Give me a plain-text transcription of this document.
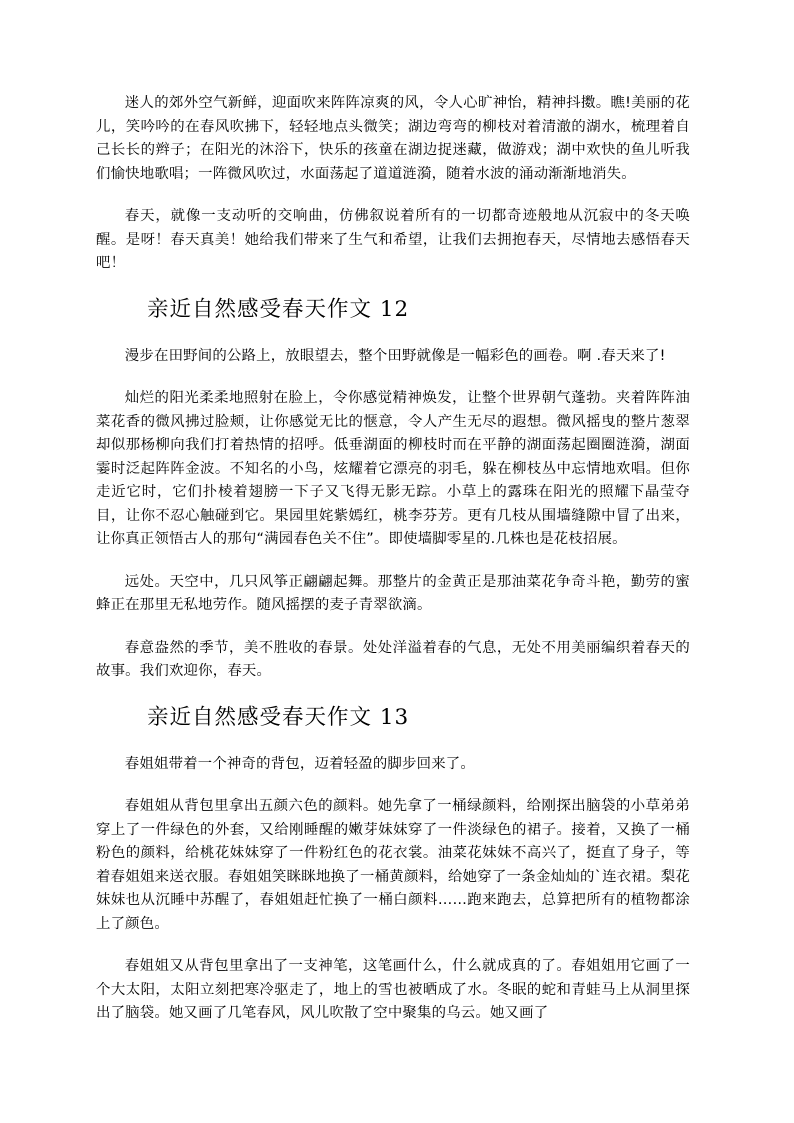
迷人的郊外空气新鲜，迎面吹来阵阵凉爽的风，令人心旷神怡，精神抖擞。瞧!美丽的花儿，笑吟吟的在春风吹拂下，轻轻地点头微笑；湖边弯弯的柳枝对着清澈的湖水，梳理着自己长长的辫子；在阳光的沐浴下，快乐的孩童在湖边捉迷藏，做游戏；湖中欢快的鱼儿听我们愉快地歌唱；一阵微风吹过，水面荡起了道道涟漪，随着水波的涌动渐渐地消失。

春天，就像一支动听的交响曲，仿佛叙说着所有的一切都奇迹般地从沉寂中的冬天唤醒。是呀！春天真美！她给我们带来了生气和希望，让我们去拥抱春天，尽情地去感悟春天吧！

亲近自然感受春天作文 12

漫步在田野间的公路上，放眼望去，整个田野就像是一幅彩色的画卷。啊 .春天来了!

灿烂的阳光柔柔地照射在脸上，令你感觉精神焕发，让整个世界朝气蓬勃。夹着阵阵油菜花香的微风拂过脸颊，让你感觉无比的惬意，令人产生无尽的遐想。微风摇曳的整片葱翠却似那杨柳向我们打着热情的招呼。低垂湖面的柳枝时而在平静的湖面荡起圈圈涟漪，湖面霎时泛起阵阵金波。不知名的小鸟，炫耀着它漂亮的羽毛，躲在柳枝丛中忘情地欢唱。但你走近它时，它们扑棱着翅膀一下子又飞得无影无踪。小草上的露珠在阳光的照耀下晶莹夺目，让你不忍心触碰到它。果园里姹紫嫣红，桃李芬芳。更有几枝从围墙缝隙中冒了出来，让你真正领悟古人的那句“满园春色关不住”。即使墙脚零星的.几株也是花枝招展。

远处。天空中，几只风筝正翩翩起舞。那整片的金黄正是那油菜花争奇斗艳，勤劳的蜜蜂正在那里无私地劳作。随风摇摆的麦子青翠欲滴。

春意盎然的季节，美不胜收的春景。处处洋溢着春的气息，无处不用美丽编织着春天的故事。我们欢迎你，春天。

亲近自然感受春天作文 13

春姐姐带着一个神奇的背包，迈着轻盈的脚步回来了。

春姐姐从背包里拿出五颜六色的颜料。她先拿了一桶绿颜料，给刚探出脑袋的小草弟弟穿上了一件绿色的外套，又给刚睡醒的嫩芽妹妹穿了一件淡绿色的裙子。接着，又换了一桶粉色的颜料，给桃花妹妹穿了一件粉红色的花衣裳。油菜花妹妹不高兴了，挺直了身子，等着春姐姐来送衣服。春姐姐笑眯眯地换了一桶黄颜料，给她穿了一条金灿灿的`连衣裙。梨花妹妹也从沉睡中苏醒了，春姐姐赶忙换了一桶白颜料……跑来跑去，总算把所有的植物都涂上了颜色。

春姐姐又从背包里拿出了一支神笔，这笔画什么，什么就成真的了。春姐姐用它画了一个大太阳，太阳立刻把寒冷驱走了，地上的雪也被晒成了水。冬眠的蛇和青蛙马上从洞里探出了脑袋。她又画了几笔春风，风儿吹散了空中聚集的乌云。她又画了
